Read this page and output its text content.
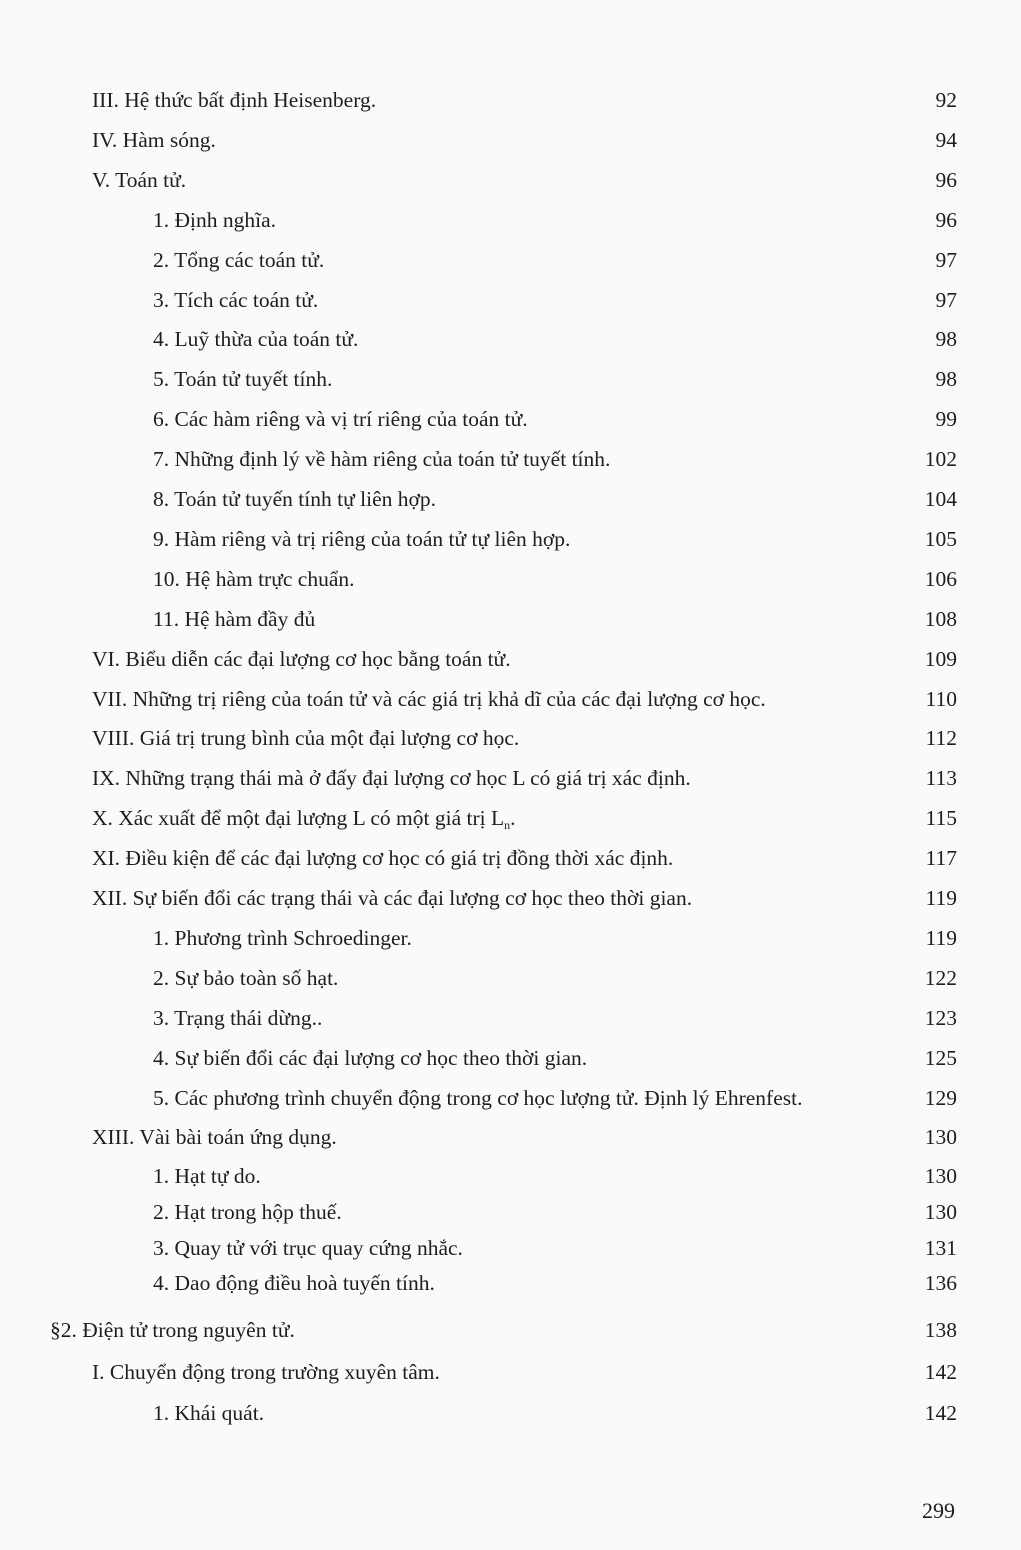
III. Hệ thức bất định Heisenberg.	92
IV. Hàm sóng.	94
V. Toán tử.	96
1. Định nghĩa.	96
2. Tổng các toán tử.	97
3. Tích các toán tử.	97
4. Luỹ thừa của toán tử.	98
5. Toán tử tuyết tính.	98
6. Các hàm riêng và vị trí riêng của toán tử.	99
7. Những định lý về hàm riêng của toán tử tuyết tính.	102
8. Toán tử tuyến tính tự liên hợp.	104
9. Hàm riêng và trị riêng của toán tử tự liên hợp.	105
10. Hệ hàm trực chuẩn.	106
11. Hệ hàm đầy đủ	108
VI. Biểu diễn các đại lượng cơ học bằng toán tử.	109
VII. Những trị riêng của toán tử và các giá trị khả dĩ của các đại lượng cơ học.	110
VIII. Giá trị trung bình của một đại lượng cơ học.	112
IX. Những trạng thái mà ở đấy đại lượng cơ học L có giá trị xác định.	113
X. Xác xuất để một đại lượng L có một giá trị $L_n$.	115
XI. Điều kiện để các đại lượng cơ học có giá trị đồng thời xác định.	117
XII. Sự biến đổi các trạng thái và các đại lượng cơ học theo thời gian.	119
1. Phương trình Schroedinger.	119
2. Sự bảo toàn số hạt.	122
3. Trạng thái dừng..	123
4. Sự biến đổi các đại lượng cơ học theo thời gian.	125
5. Các phương trình chuyển động trong cơ học lượng tử. Định lý Ehrenfest.	129
XIII. Vài bài toán ứng dụng.	130
1. Hạt tự do.	130
2. Hạt trong hộp thuế.	130
3. Quay tử với trục quay cứng nhắc.	131
4. Dao động điều hoà tuyến tính.	136
§2. Điện tử trong nguyên tử.	138
I. Chuyển động trong trường xuyên tâm.	142
1. Khái quát.	142
299
